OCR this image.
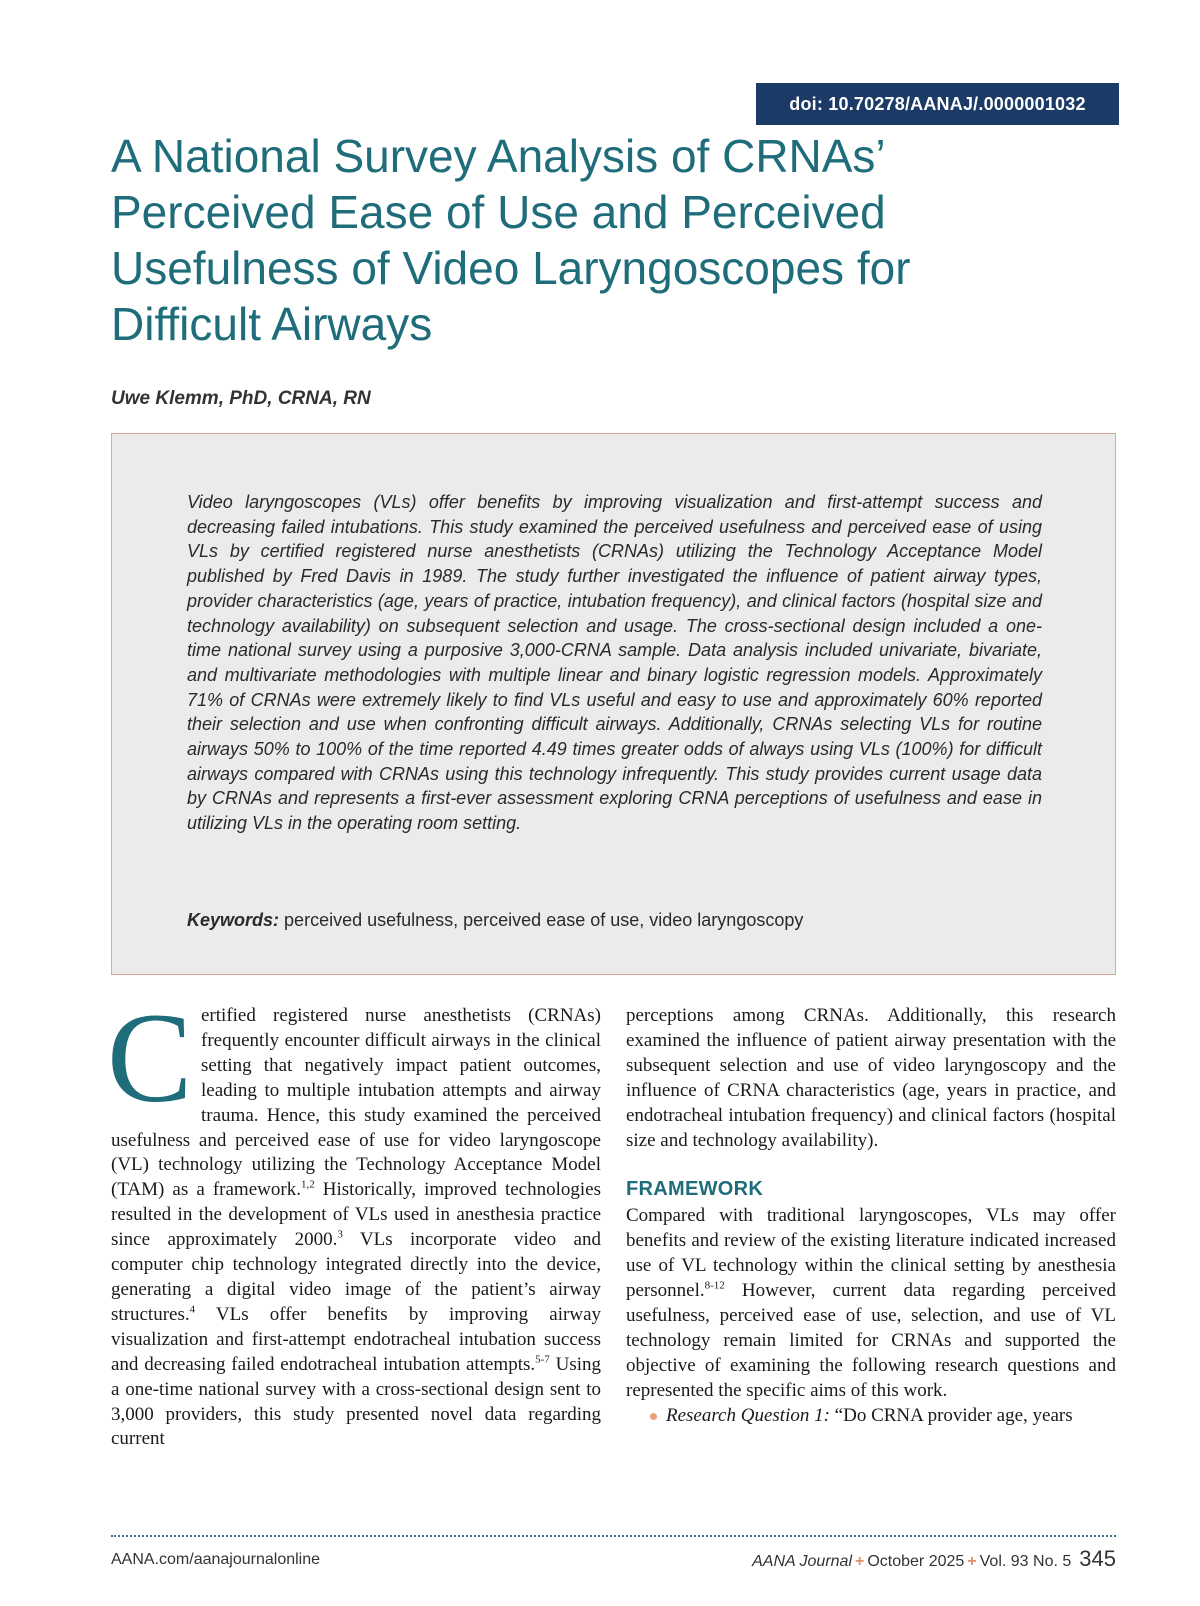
doi: 10.70278/AANAJ/.0000001032
A National Survey Analysis of CRNAs’
Perceived Ease of Use and Perceived
Usefulness of Video Laryngoscopes for
Difficult Airways

Uwe Klemm, PhD, CRNA, RN

Video laryngoscopes (VLs) offer benefits by improving visualization and first-attempt success and decreasing failed intubations. This study examined the perceived usefulness and perceived ease of using VLs by certified registered nurse anesthetists (CRNAs) utilizing the Technology Acceptance Model published by Fred Davis in 1989. The study further investigated the influence of patient airway types, provider characteristics (age, years of practice, intubation frequency), and clinical factors (hospital size and technology availability) on subsequent selection and usage. The cross-sectional design included a one-time national survey using a purposive 3,000-CRNA sample. Data analysis included univariate, bivariate, and multivariate methodologies with multiple linear and binary logistic regression models. Approximately 71% of CRNAs were extremely likely to find VLs useful and easy to use and approximately 60% reported their selection and use when confronting difficult airways. Additionally, CRNAs selecting VLs for routine airways 50% to 100% of the time reported 4.49 times greater odds of always using VLs (100%) for difficult airways compared with CRNAs using this technology infrequently. This study provides current usage data by CRNAs and represents a first-ever assessment exploring CRNA perceptions of usefulness and ease in utilizing VLs in the operating room setting.

Keywords: perceived usefulness, perceived ease of use, video laryngoscopy

Certified registered nurse anesthetists (CRNAs) frequently encounter difficult airways in the clinical setting that negatively impact patient outcomes, leading to multiple intubation attempts and airway trauma. Hence, this study examined the perceived usefulness and perceived ease of use for video laryngoscope (VL) technology utilizing the Technology Acceptance Model (TAM) as a framework.$^{1,2}$ Historically, improved technologies resulted in the development of VLs used in anesthesia practice since approximately 2000.$^3$ VLs incorporate video and computer chip technology integrated directly into the device, generating a digital video image of the patient’s airway structures.$^4$ VLs offer benefits by improving airway visualization and first-attempt endotracheal intubation success and decreasing failed endotracheal intubation attempts.$^{5-7}$ Using a one-time national survey with a cross-sectional design sent to 3,000 providers, this study presented novel data regarding current

perceptions among CRNAs. Additionally, this research examined the influence of patient airway presentation with the subsequent selection and use of video laryngoscopy and the influence of CRNA characteristics (age, years in practice, and endotracheal intubation frequency) and clinical factors (hospital size and technology availability).

FRAMEWORK

Compared with traditional laryngoscopes, VLs may offer benefits and review of the existing literature indicated increased use of VL technology within the clinical setting by anesthesia personnel.$^{8-12}$ However, current data regarding perceived usefulness, perceived ease of use, selection, and use of VL technology remain limited for CRNAs and supported the objective of examining the following research questions and represented the specific aims of this work.

Research Question 1: “Do CRNA provider age, years

AANA.com/aanajournalonline	AANA Journal + October 2025 + Vol. 93 No. 5 345
